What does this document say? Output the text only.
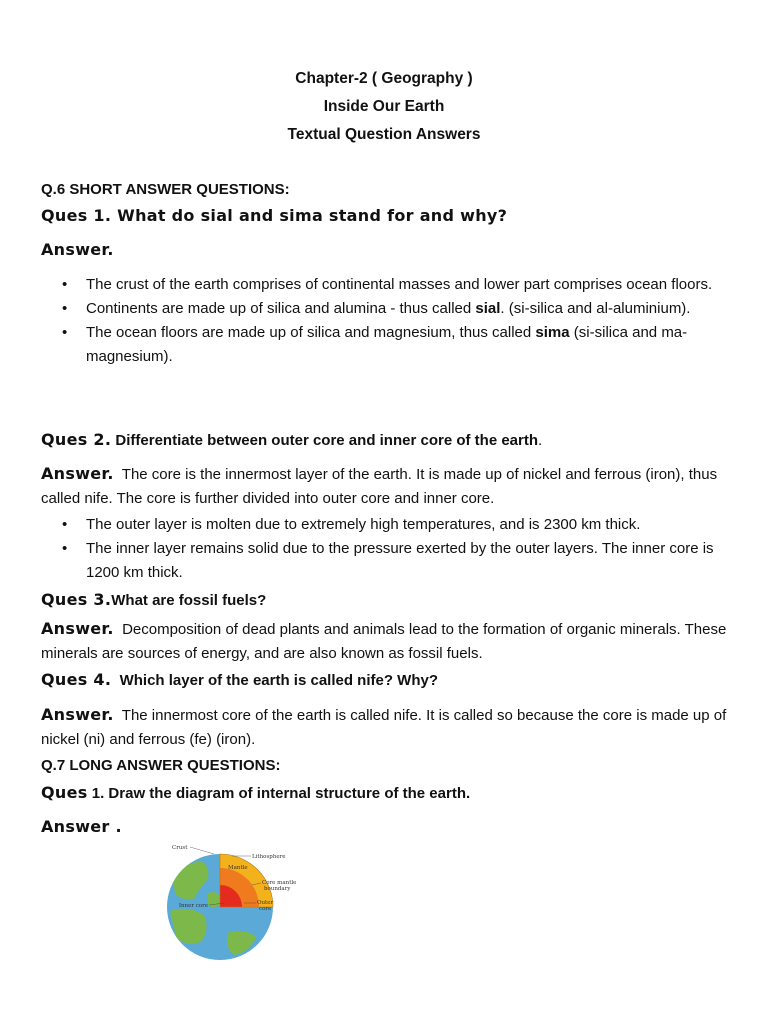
Chapter-2 ( Geography )
Inside Our Earth
Textual Question Answers
Q.6 SHORT ANSWER QUESTIONS:
Ques 1. What do sial and sima stand for and why?
Answer.
• The crust of the earth comprises of continental masses and lower part comprises ocean floors.
• Continents are made up of silica and alumina - thus called sial. (si-silica and al-aluminium).
• The ocean floors are made up of silica and magnesium, thus called sima (si-silica and ma-magnesium).
Ques 2. Differentiate between outer core and inner core of the earth.
Answer. The core is the innermost layer of the earth. It is made up of nickel and ferrous (iron), thus called nife. The core is further divided into outer core and inner core.
• The outer layer is molten due to extremely high temperatures, and is 2300 km thick.
• The inner layer remains solid due to the pressure exerted by the outer layers. The inner core is 1200 km thick.
Ques 3.What are fossil fuels?
Answer. Decomposition of dead plants and animals lead to the formation of organic minerals. These minerals are sources of energy, and are also known as fossil fuels.
Ques 4. Which layer of the earth is called nife? Why?
Answer. The innermost core of the earth is called nife. It is called so because the core is made up of nickel (ni) and ferrous (fe) (iron).
Q.7 LONG ANSWER QUESTIONS:
Ques 1. Draw the diagram of internal structure of the earth.
Answer .
Crust
Lithosphere
Mantle
Core mantle
boundary
Outer
core
Inner core
